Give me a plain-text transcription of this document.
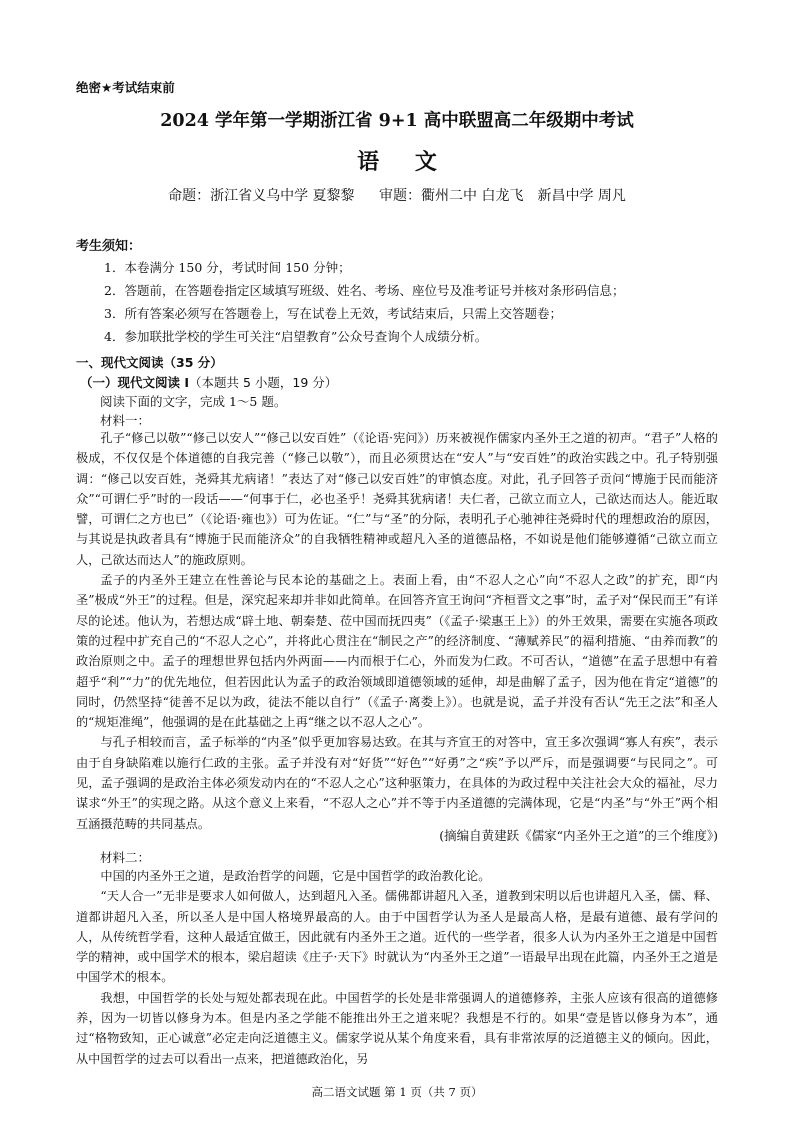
绝密★考试结束前
2024 学年第一学期浙江省 9+1 高中联盟高二年级期中考试
语 文
命题：浙江省义乌中学 夏黎黎 审题：衢州二中 白龙飞　新昌中学 周凡
考生须知：
1．本卷满分 150 分，考试时间 150 分钟；
2．答题前，在答题卷指定区域填写班级、姓名、考场、座位号及准考证号并核对条形码信息；
3．所有答案必须写在答题卷上，写在试卷上无效，考试结束后，只需上交答题卷；
4．参加联批学校的学生可关注“启望教育”公众号查询个人成绩分析。
一、现代文阅读（35 分）
（一）现代文阅读 I（本题共 5 小题，19 分）
阅读下面的文字，完成 1～5 题。
材料一：

孔子“修己以敬”“修己以安人”“修己以安百姓”（《论语·宪问》）历来被视作儒家内圣外王之道的初声。“君子”人格的极成，不仅仅是个体道德的自我完善（“修己以敬”），而且必须贯达在“安人”与“安百姓”的政治实践之中。孔子特别强调：“修己以安百姓，尧舜其尤病诸！”表达了对“修己以安百姓”的审慎态度。对此，孔子回答子贡问“博施于民而能济众”“可谓仁乎”时的一段话——“何事于仁，必也圣乎！尧舜其犹病诸！夫仁者，己欲立而立人，己欲达而达人。能近取譬，可谓仁之方也已”（《论语·雍也》）可为佐证。“仁”与“圣”的分际，表明孔子心驰神往尧舜时代的理想政治的原因，与其说是执政者具有“博施于民而能济众”的自我牺牲精神或超凡入圣的道德品格，不如说是他们能够遵循“己欲立而立人，己欲达而达人”的施政原则。

孟子的内圣外王建立在性善论与民本论的基础之上。表面上看，由“不忍人之心”向“不忍人之政”的扩充，即“内圣”极成“外王”的过程。但是，深究起来却并非如此简单。在回答齐宣王询问“齐桓晋文之事”时，孟子对“保民而王”有详尽的论述。他认为，若想达成“辟土地、朝秦楚、莅中国而抚四夷”（《孟子·梁惠王上》）的外王效果，需要在实施各项政策的过程中扩充自己的“不忍人之心”，并将此心贯注在“制民之产”的经济制度、“薄赋养民”的福利措施、“由养而教”的政治原则之中。孟子的理想世界包括内外两面——内而根于仁心，外而发为仁政。不可否认，“道德”在孟子思想中有着超乎“利”“力”的优先地位，但若因此认为孟子的政治领域即道德领域的延伸，却是曲解了孟子，因为他在肯定“道德”的同时，仍然坚持“徒善不足以为政，徒法不能以自行”（《孟子·离娄上》）。也就是说，孟子并没有否认“先王之法”和圣人的“规矩准绳”，他强调的是在此基础之上再“继之以不忍人之心”。

与孔子相较而言，孟子标举的“内圣”似乎更加容易达致。在其与齐宣王的对答中，宣王多次强调“寡人有疾”，表示由于自身缺陷难以施行仁政的主张。孟子并没有对“好货”“好色”“好勇”之“疾”予以严斥，而是强调要“与民同之”。可见，孟子强调的是政治主体必须发动内在的“不忍人之心”这种驱策力，在具体的为政过程中关注社会大众的福祉，尽力谋求“外王”的实现之路。从这个意义上来看，“不忍人之心”并不等于内圣道德的完满体现，它是“内圣”与“外王”两个相互涵摄范畴的共同基点。

(摘编自黄建跃《儒家“内圣外王之道”的三个维度》)
材料二：

中国的内圣外王之道，是政治哲学的问题，它是中国哲学的政治教化论。

“天人合一”无非是要求人如何做人，达到超凡入圣。儒佛都讲超凡入圣，道教到宋明以后也讲超凡入圣，儒、释、道都讲超凡入圣，所以圣人是中国人格境界最高的人。由于中国哲学认为圣人是最高人格，是最有道德、最有学问的人，从传统哲学看，这种人最适宜做王，因此就有内圣外王之道。近代的一些学者，很多人认为内圣外王之道是中国哲学的精神，或中国学术的根本，梁启超读《庄子·天下》时就认为“内圣外王之道”一语最早出现在此篇，内圣外王之道是中国学术的根本。

我想，中国哲学的长处与短处都表现在此。中国哲学的长处是非常强调人的道德修养，主张人应该有很高的道德修养，因为一切皆以修身为本。但是内圣之学能不能推出外王之道来呢？我想是不行的。如果“壹是皆以修身为本”，通过“格物致知，正心诚意”必定走向泛道德主义。儒家学说从某个角度来看，具有非常浓厚的泛道德主义的倾向。因此，从中国哲学的过去可以看出一点来，把道德政治化，另

高二语文试题 第 1 页（共 7 页）
